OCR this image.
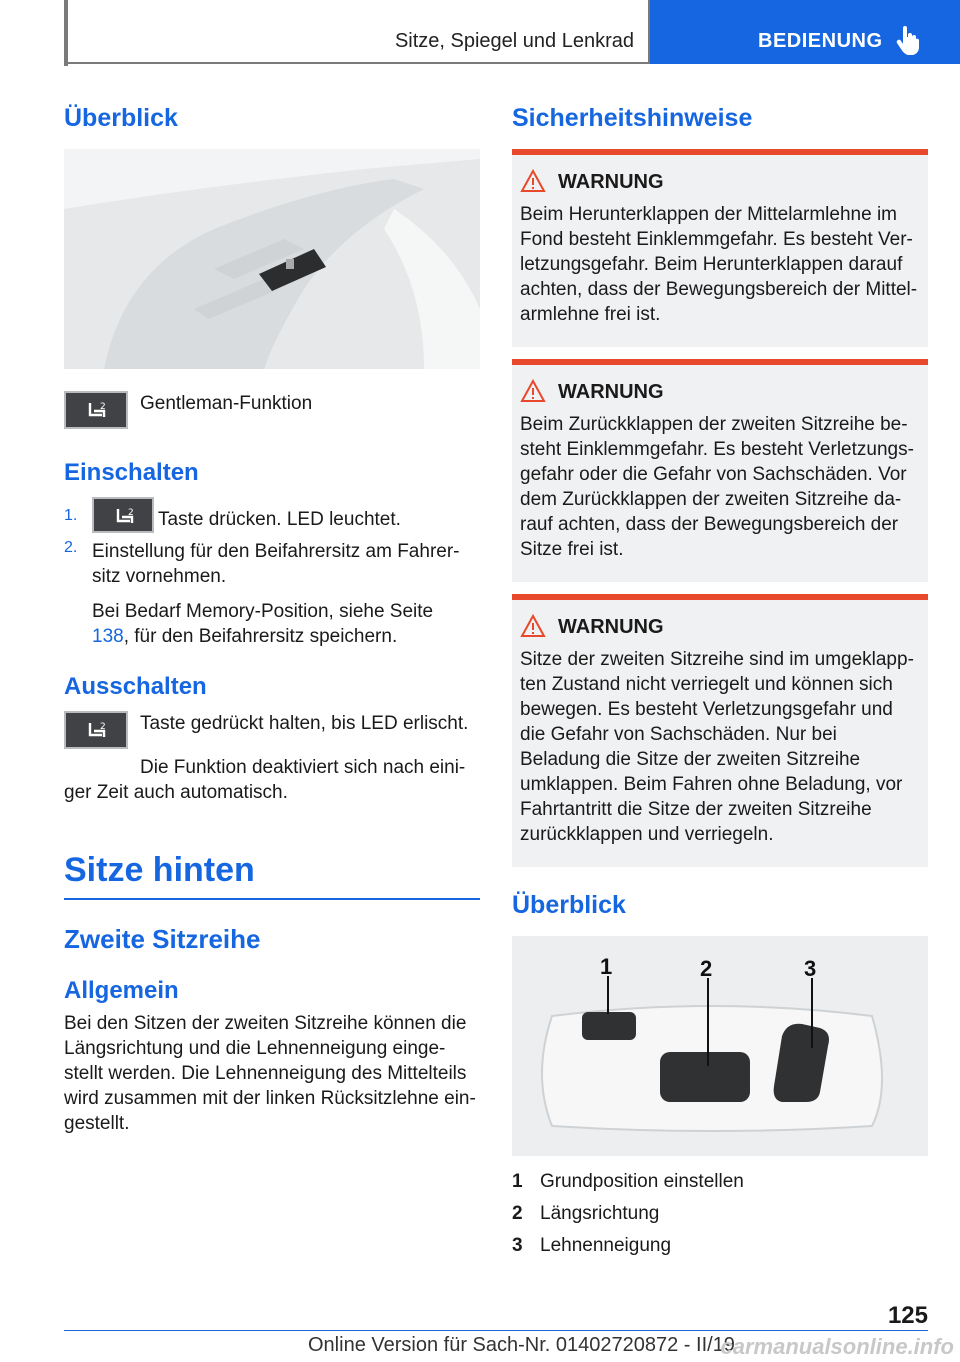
Sitze, Spiegel und Lenkrad	BEDIENUNG
Überblick
2 Gentleman-Funktion

Einschalten
1.	2 Taste drücken. LED leuchtet.

2. Einstellung für den Beifahrersitz am Fahrer-sitz vornehmen.

Bei Bedarf Memory-Position, siehe Seite 138, für den Beifahrersitz speichern.

Ausschalten
2 Taste gedrückt halten, bis LED erlischt.

Die Funktion deaktiviert sich nach eini-ger Zeit auch automatisch.

Sitze hinten
Zweite Sitzreihe
Allgemein

Bei den Sitzen der zweiten Sitzreihe können die Längsrichtung und die Lehnenneigung einge-stellt werden. Die Lehnenneigung des Mittelteils wird zusammen mit der linken Rücksitzlehne ein-gestellt.

Sicherheitshinweise
WARNUNG

Beim Herunterklappen der Mittelarmlehne im Fond besteht Einklemmgefahr. Es besteht Ver-letzungsgefahr. Beim Herunterklappen darauf achten, dass der Bewegungsbereich der Mittel-armlehne frei ist.

WARNUNG

Beim Zurückklappen der zweiten Sitzreihe be-steht Einklemmgefahr. Es besteht Verletzungs-gefahr oder die Gefahr von Sachschäden. Vor dem Zurückklappen der zweiten Sitzreihe da-rauf achten, dass der Bewegungsbereich der Sitze frei ist.

WARNUNG

Sitze der zweiten Sitzreihe sind im umgeklapp-ten Zustand nicht verriegelt und können sich bewegen. Es besteht Verletzungsgefahr und die Gefahr von Sachschäden. Nur bei Beladung die Sitze der zweiten Sitzreihe umklappen. Beim Fahren ohne Beladung, vor Fahrtantritt die Sitze der zweiten Sitzreihe zurückklappen und verriegeln.

Überblick
1	2	3
1 Grundposition einstellen
2 Längsrichtung
3 Lehnenneigung
125
Online Version für Sach-Nr. 01402720872 - II/19
carmanualsonline.info
